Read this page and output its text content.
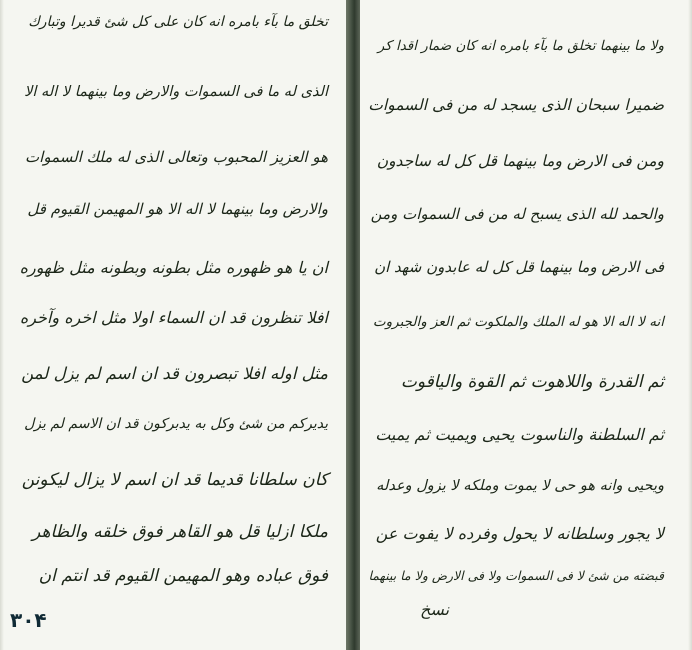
تخلق ما بآء بامره انه كان على كل شئ قديرا وتبارك
الذى له ما فى السموات والارض وما بينهما لا اله الا
هو العزيز المحبوب وتعالى الذى له ملك السموات
والارض وما بينهما لا اله الا هو المهيمن القيوم قل
ان يا هو ظهوره مثل بطونه وبطونه مثل ظهوره
افلا تنظرون قد ان السماء اولا مثل اخره وآخره
مثل اوله افلا تبصرون قد ان اسم لم يزل لمن
يديركم من شئ وكل به يدبركون قد ان الاسم لم يزل
كان سلطانا قديما قد ان اسم لا يزال ليكونن
ملكا ازليا قل هو القاهر فوق خلقه والظاهر
فوق عباده وهو المهيمن القيوم قد انتم ان
۳۰۴
ولا ما بينهما تخلق ما بآء بامره انه كان ضمار اقدا كر
ضميرا سبحان الذى يسجد له من فى السموات
ومن فى الارض وما بينهما قل كل له ساجدون
والحمد لله الذى يسبح له من فى السموات ومن
فى الارض وما بينهما قل كل له عابدون شهد ان
انه لا اله الا هو له الملك والملكوت ثم العز والجبروت
ثم القدرة واللاهوت ثم القوة والياقوت
ثم السلطنة والناسوت يحيى ويميت ثم يميت
ويحيى وانه هو حى لا يموت وملكه لا يزول وعدله
لا يجور وسلطانه لا يحول وفرده لا يفوت عن
قبضته من شئ لا فى السموات ولا فى الارض ولا ما بينهما
نسخ
